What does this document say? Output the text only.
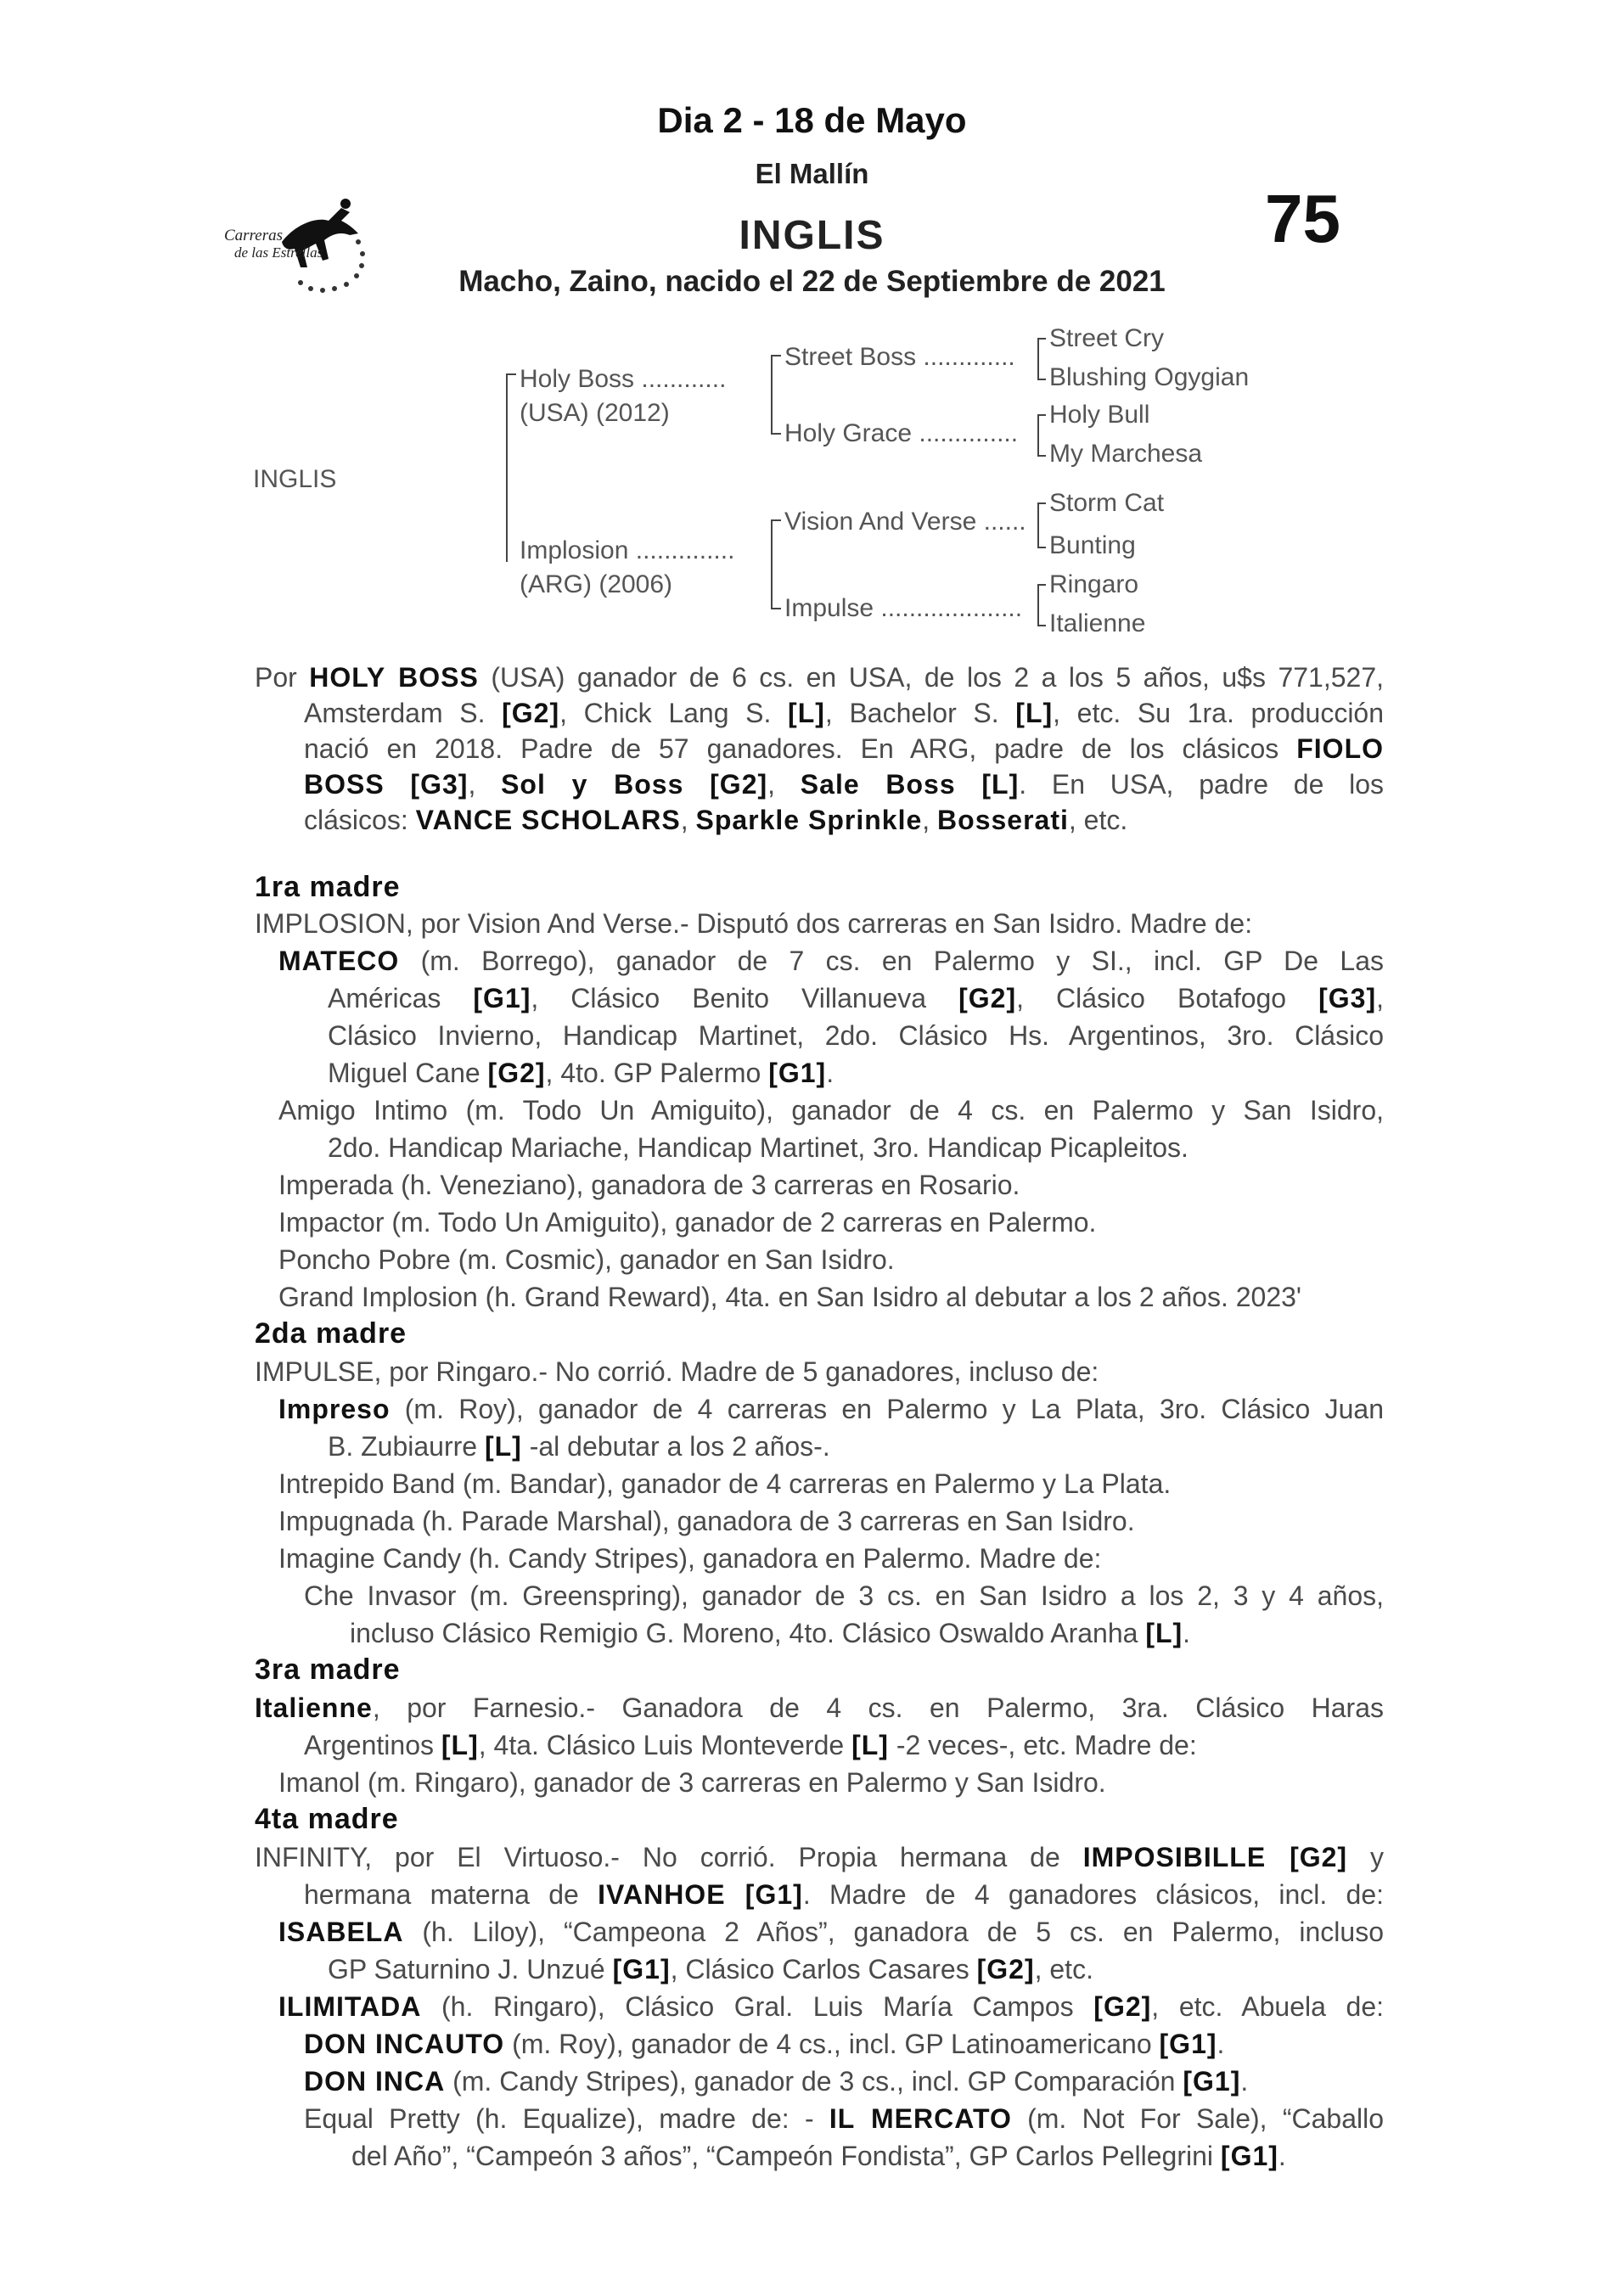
Dia 2 - 18 de Mayo
El Mallín
75
INGLIS
Macho, Zaino, nacido el 22 de Septiembre de 2021
Carreras
de las Estrellas
INGLIS
Holy Boss ............
(USA) (2012)
Implosion ..............
(ARG) (2006)
Street Boss .............
Holy Grace ..............
Vision And Verse ......
Impulse ....................
Street Cry
Blushing Ogygian
Holy Bull
My Marchesa
Storm Cat
Bunting
Ringaro
Italienne
Por HOLY BOSS (USA) ganador de 6 cs. en USA, de los 2 a los 5 años, u$s 771,527,
Amsterdam S. [G2], Chick Lang S. [L], Bachelor S. [L], etc. Su 1ra. producción
nació en 2018. Padre de 57 ganadores. En ARG, padre de los clásicos FIOLO
BOSS [G3], Sol y Boss [G2], Sale Boss [L]. En USA, padre de los
clásicos: VANCE SCHOLARS, Sparkle Sprinkle, Bosserati, etc.
1ra madre
IMPLOSION, por Vision And Verse.- Disputó dos carreras en San Isidro. Madre de:
MATECO (m. Borrego), ganador de 7 cs. en Palermo y SI., incl. GP De Las
Américas [G1], Clásico Benito Villanueva [G2], Clásico Botafogo [G3],
Clásico Invierno, Handicap Martinet, 2do. Clásico Hs. Argentinos, 3ro. Clásico
Miguel Cane [G2], 4to. GP Palermo [G1].
Amigo Intimo (m. Todo Un Amiguito), ganador de 4 cs. en Palermo y San Isidro,
2do. Handicap Mariache, Handicap Martinet, 3ro. Handicap Picapleitos.
Imperada (h. Veneziano), ganadora de 3 carreras en Rosario.
Impactor (m. Todo Un Amiguito), ganador de 2 carreras en Palermo.
Poncho Pobre (m. Cosmic), ganador en San Isidro.
Grand Implosion (h. Grand Reward), 4ta. en San Isidro al debutar a los 2 años. 2023'
2da madre
IMPULSE, por Ringaro.- No corrió. Madre de 5 ganadores, incluso de:
Impreso (m. Roy), ganador de 4 carreras en Palermo y La Plata, 3ro. Clásico Juan
B. Zubiaurre [L] -al debutar a los 2 años-.
Intrepido Band (m. Bandar), ganador de 4 carreras en Palermo y La Plata.
Impugnada (h. Parade Marshal), ganadora de 3 carreras en San Isidro.
Imagine Candy (h. Candy Stripes), ganadora en Palermo. Madre de:
Che Invasor (m. Greenspring), ganador de 3 cs. en San Isidro a los 2, 3 y 4 años,
incluso Clásico Remigio G. Moreno, 4to. Clásico Oswaldo Aranha [L].
3ra madre
Italienne, por Farnesio.- Ganadora de 4 cs. en Palermo, 3ra. Clásico Haras
Argentinos [L], 4ta. Clásico Luis Monteverde [L] -2 veces-, etc. Madre de:
Imanol (m. Ringaro), ganador de 3 carreras en Palermo y San Isidro.
4ta madre
INFINITY, por El Virtuoso.- No corrió. Propia hermana de IMPOSIBILLE [G2] y
hermana materna de IVANHOE [G1]. Madre de 4 ganadores clásicos, incl. de:
ISABELA (h. Liloy), “Campeona 2 Años”, ganadora de 5 cs. en Palermo, incluso
GP Saturnino J. Unzué [G1], Clásico Carlos Casares [G2], etc.
ILIMITADA (h. Ringaro), Clásico Gral. Luis María Campos [G2], etc. Abuela de:
DON INCAUTO (m. Roy), ganador de 4 cs., incl. GP Latinoamericano [G1].
DON INCA (m. Candy Stripes), ganador de 3 cs., incl. GP Comparación [G1].
Equal Pretty (h. Equalize), madre de: - IL MERCATO (m. Not For Sale), “Caballo
del Año”, “Campeón 3 años”, “Campeón Fondista”, GP Carlos Pellegrini [G1].
